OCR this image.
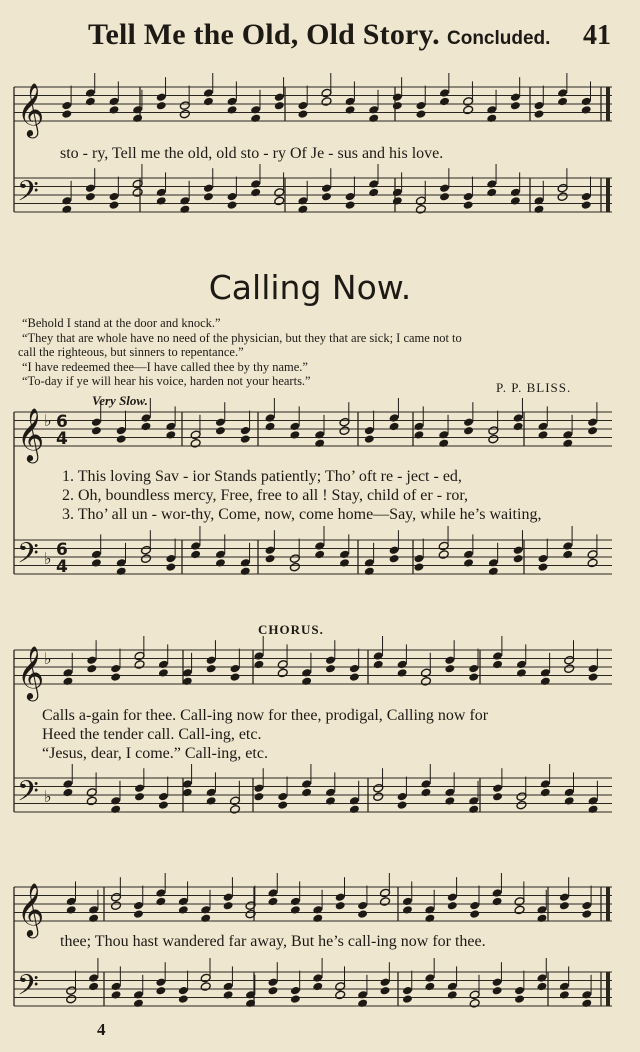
Tell Me the Old, Old Story. Concluded. 41
sto - ry, Tell me the old, old sto - ry Of Je - sus and his love.
Calling Now.
“Behold I stand at the door and knock.”
“They that are whole have no need of the physician, but they that are sick; I came not to
call the righteous, but sinners to repentance.”
“I have redeemed thee—I have called thee by thy name.”
“To-day if ye will hear his voice, harden not your hearts.”	P. P. BLISS.
Very Slow.
1. This loving Sav - ior Stands patiently; Tho’ oft re - ject - ed,
2. Oh, boundless mercy, Free, free to all ! Stay, child of er - ror,
3. Tho’ all un - wor-thy, Come, now, come home—Say, while he’s waiting,
CHORUS.
Calls a-gain for thee. Call-ing now for thee, prodigal, Calling now for
Heed the tender call. Call-ing, etc.
“Jesus, dear, I come.” Call-ing, etc.
thee; Thou hast wandered far away, But he’s call-ing now for thee.
4
𝄞
𝄢
𝄞
𝄢
♭
♭
6
4
6
4
𝄞
𝄢
♭
♭
𝄞
𝄢
